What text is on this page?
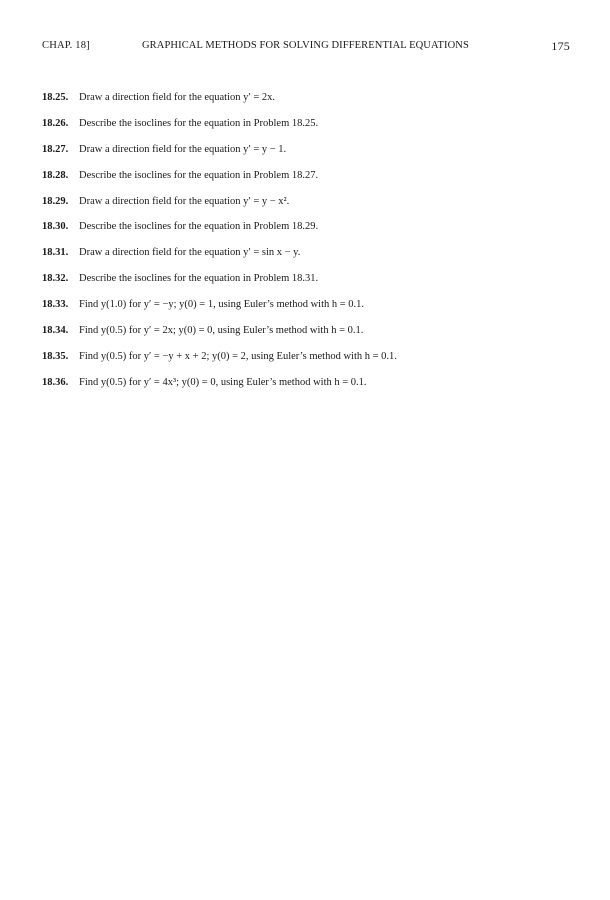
CHAP. 18]	GRAPHICAL METHODS FOR SOLVING DIFFERENTIAL EQUATIONS	175
18.25. Draw a direction field for the equation y′ = 2x.
18.26. Describe the isoclines for the equation in Problem 18.25.
18.27. Draw a direction field for the equation y′ = y − 1.
18.28. Describe the isoclines for the equation in Problem 18.27.
18.29. Draw a direction field for the equation y′ = y − x².
18.30. Describe the isoclines for the equation in Problem 18.29.
18.31. Draw a direction field for the equation y′ = sin x − y.
18.32. Describe the isoclines for the equation in Problem 18.31.
18.33. Find y(1.0) for y′ = −y; y(0) = 1, using Euler’s method with h = 0.1.
18.34. Find y(0.5) for y′ = 2x; y(0) = 0, using Euler’s method with h = 0.1.
18.35. Find y(0.5) for y′ = −y + x + 2; y(0) = 2, using Euler’s method with h = 0.1.
18.36. Find y(0.5) for y′ = 4x³; y(0) = 0, using Euler’s method with h = 0.1.
